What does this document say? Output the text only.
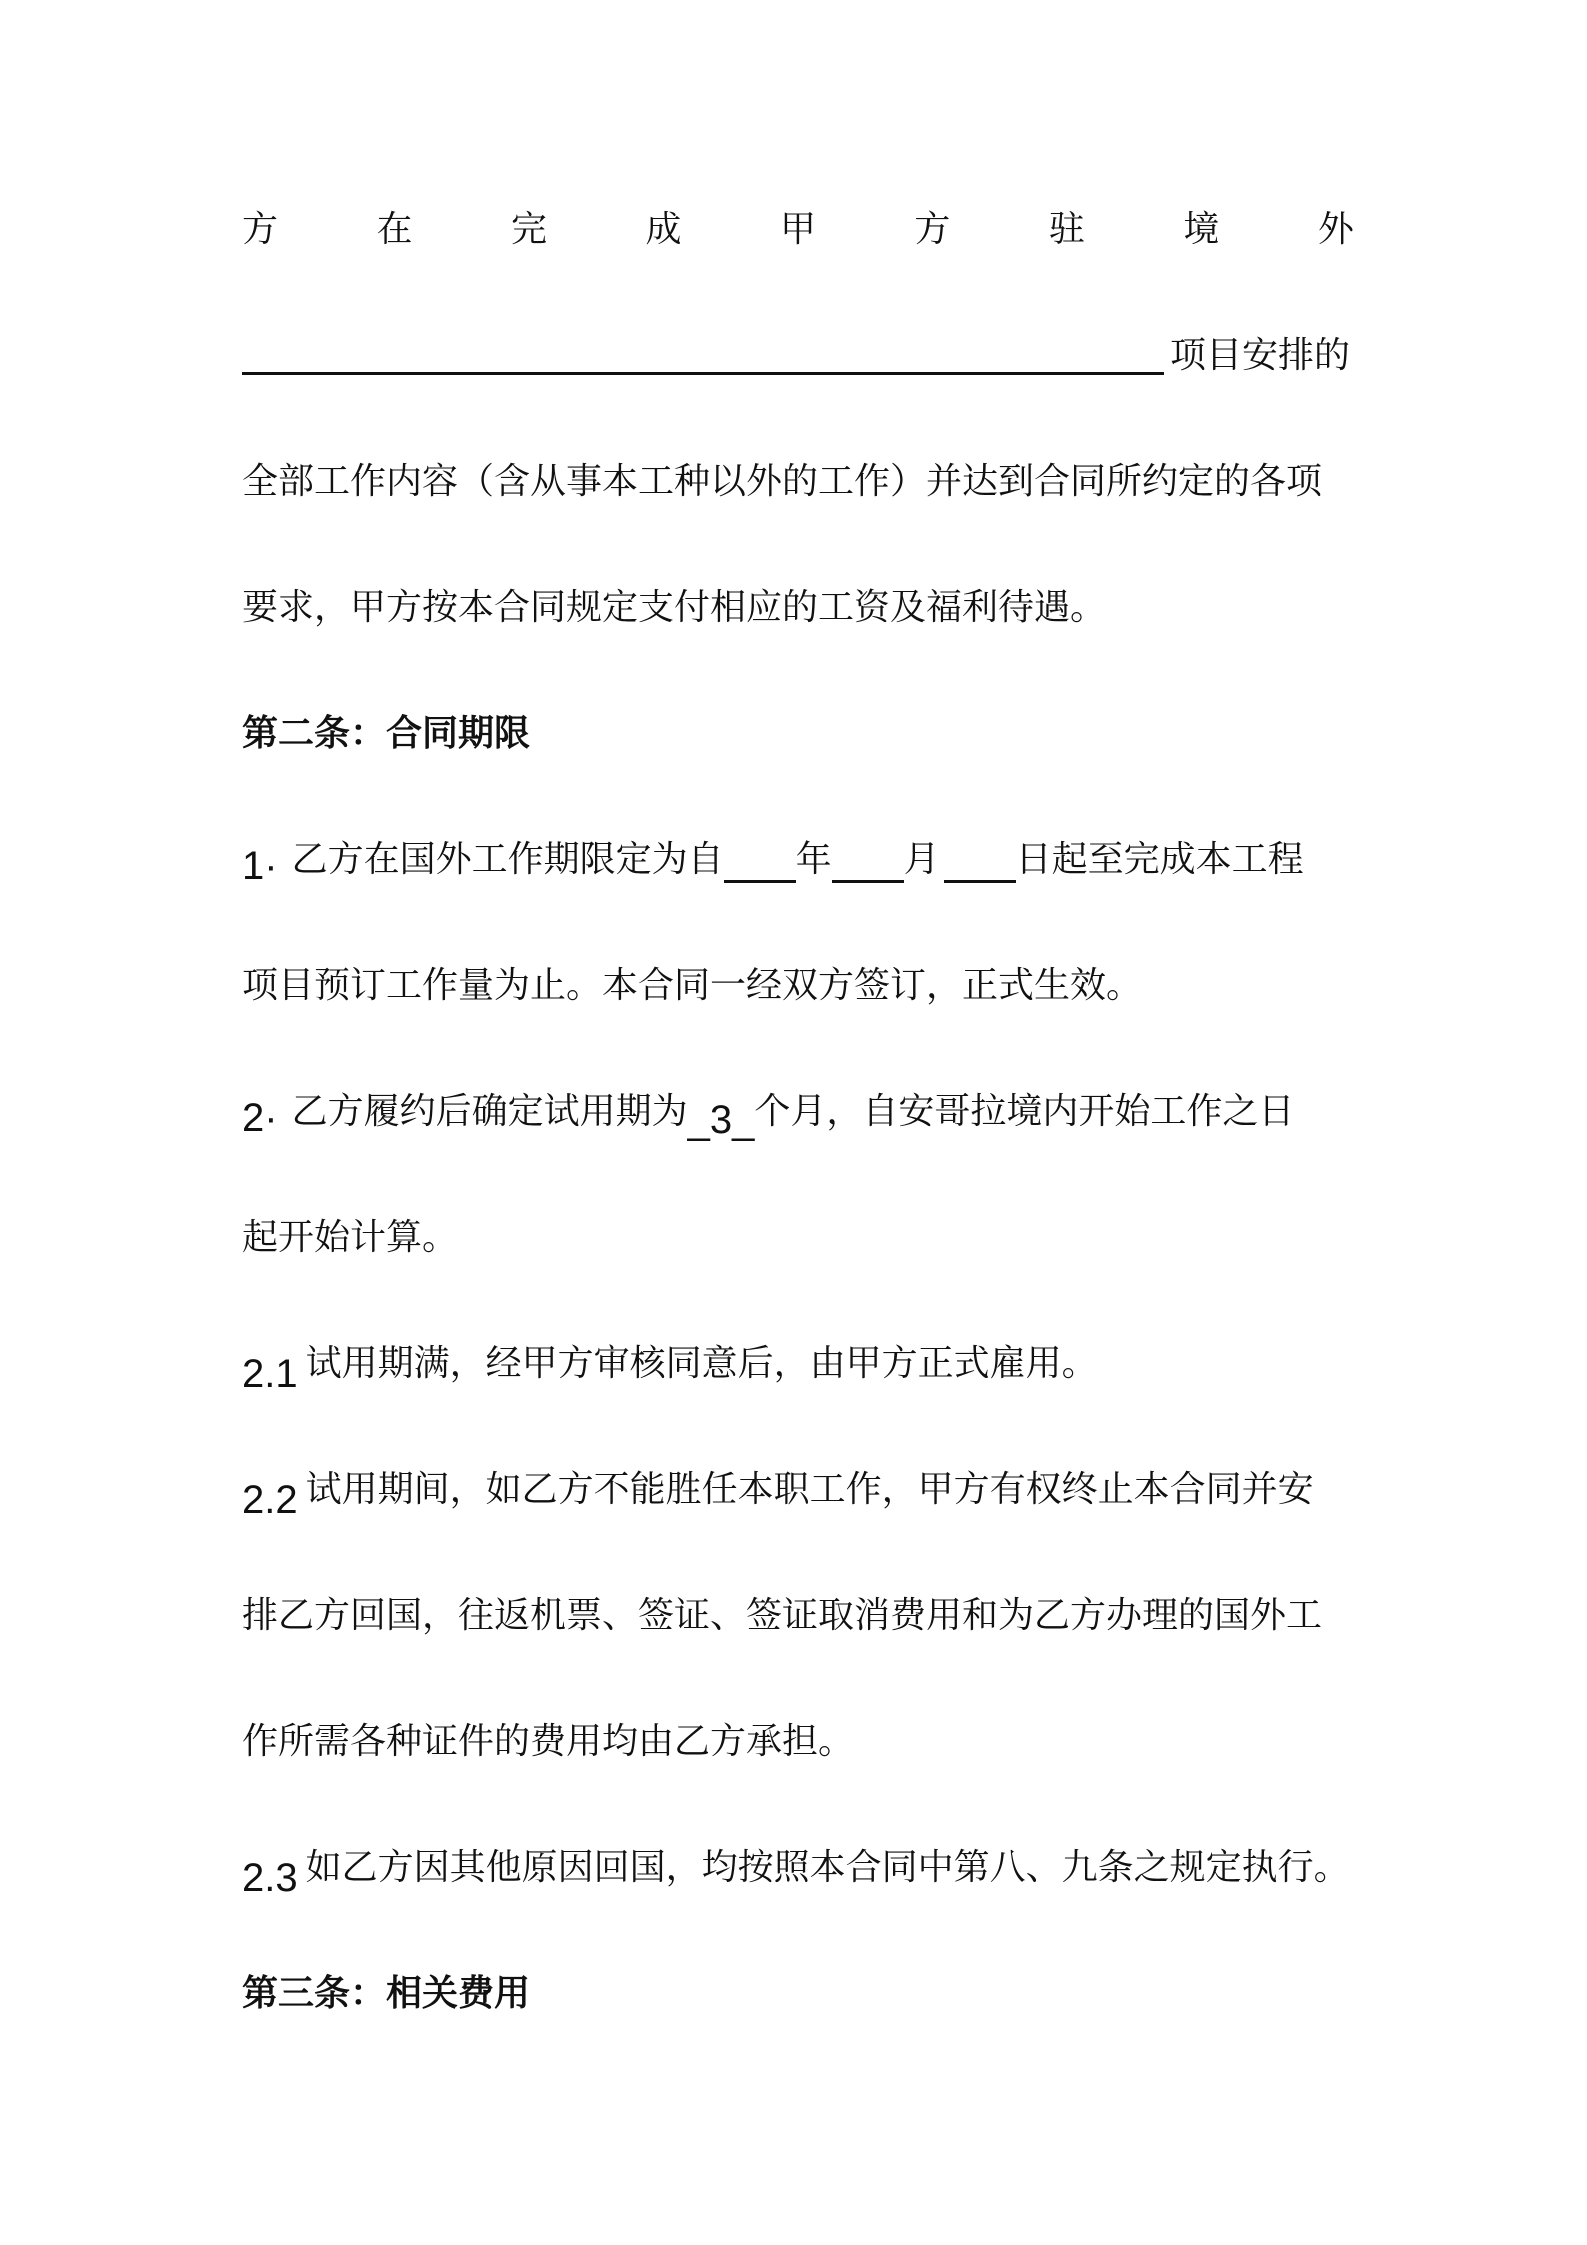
方	在	完	成	甲	方	驻	境	外
项目安排的
全部工作内容（含从事本工种以外的工作）并达到合同所约定的各项
要求，甲方按本合同规定支付相应的工资及福利待遇。
第二条：合同期限
1· 乙方在国外工作期限定为自 年 月 日起至完成本工程
项目预订工作量为止。本合同一经双方签订，正式生效。
2· 乙方履约后确定试用期为_3_个月，自安哥拉境内开始工作之日
起开始计算。
2.1 试用期满，经甲方审核同意后，由甲方正式雇用。
2.2 试用期间，如乙方不能胜任本职工作，甲方有权终止本合同并安
排乙方回国，往返机票、签证、签证取消费用和为乙方办理的国外工
作所需各种证件的费用均由乙方承担。
2.3 如乙方因其他原因回国，均按照本合同中第八、九条之规定执行。
第三条：相关费用
